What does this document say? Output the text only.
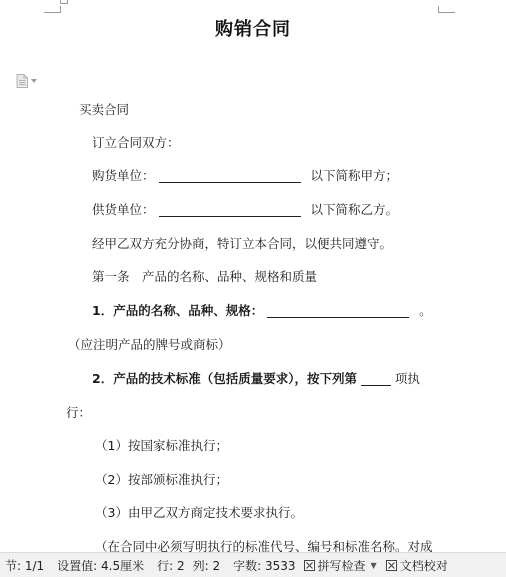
购销合同
买卖合同
订立合同双方：
购货单位：	以下简称甲方；
供货单位：	以下简称乙方。
经甲乙双方充分协商，特订立本合同，以便共同遵守。
第一条　产品的名称、品种、规格和质量
1．产品的名称、品种、规格：	。
（应注明产品的牌号或商标）
2．产品的技术标准（包括质量要求），按下列第	项执
行：
（1）按国家标准执行；
（2）按部颁标准执行；
（3）由甲乙双方商定技术要求执行。
（在合同中必须写明执行的标准代号、编号和标准名称。对成
节: 1/1 设置值: 4.5厘米 行: 2 列: 2 字数: 3533 拼写检查 ▼ 文档校对
